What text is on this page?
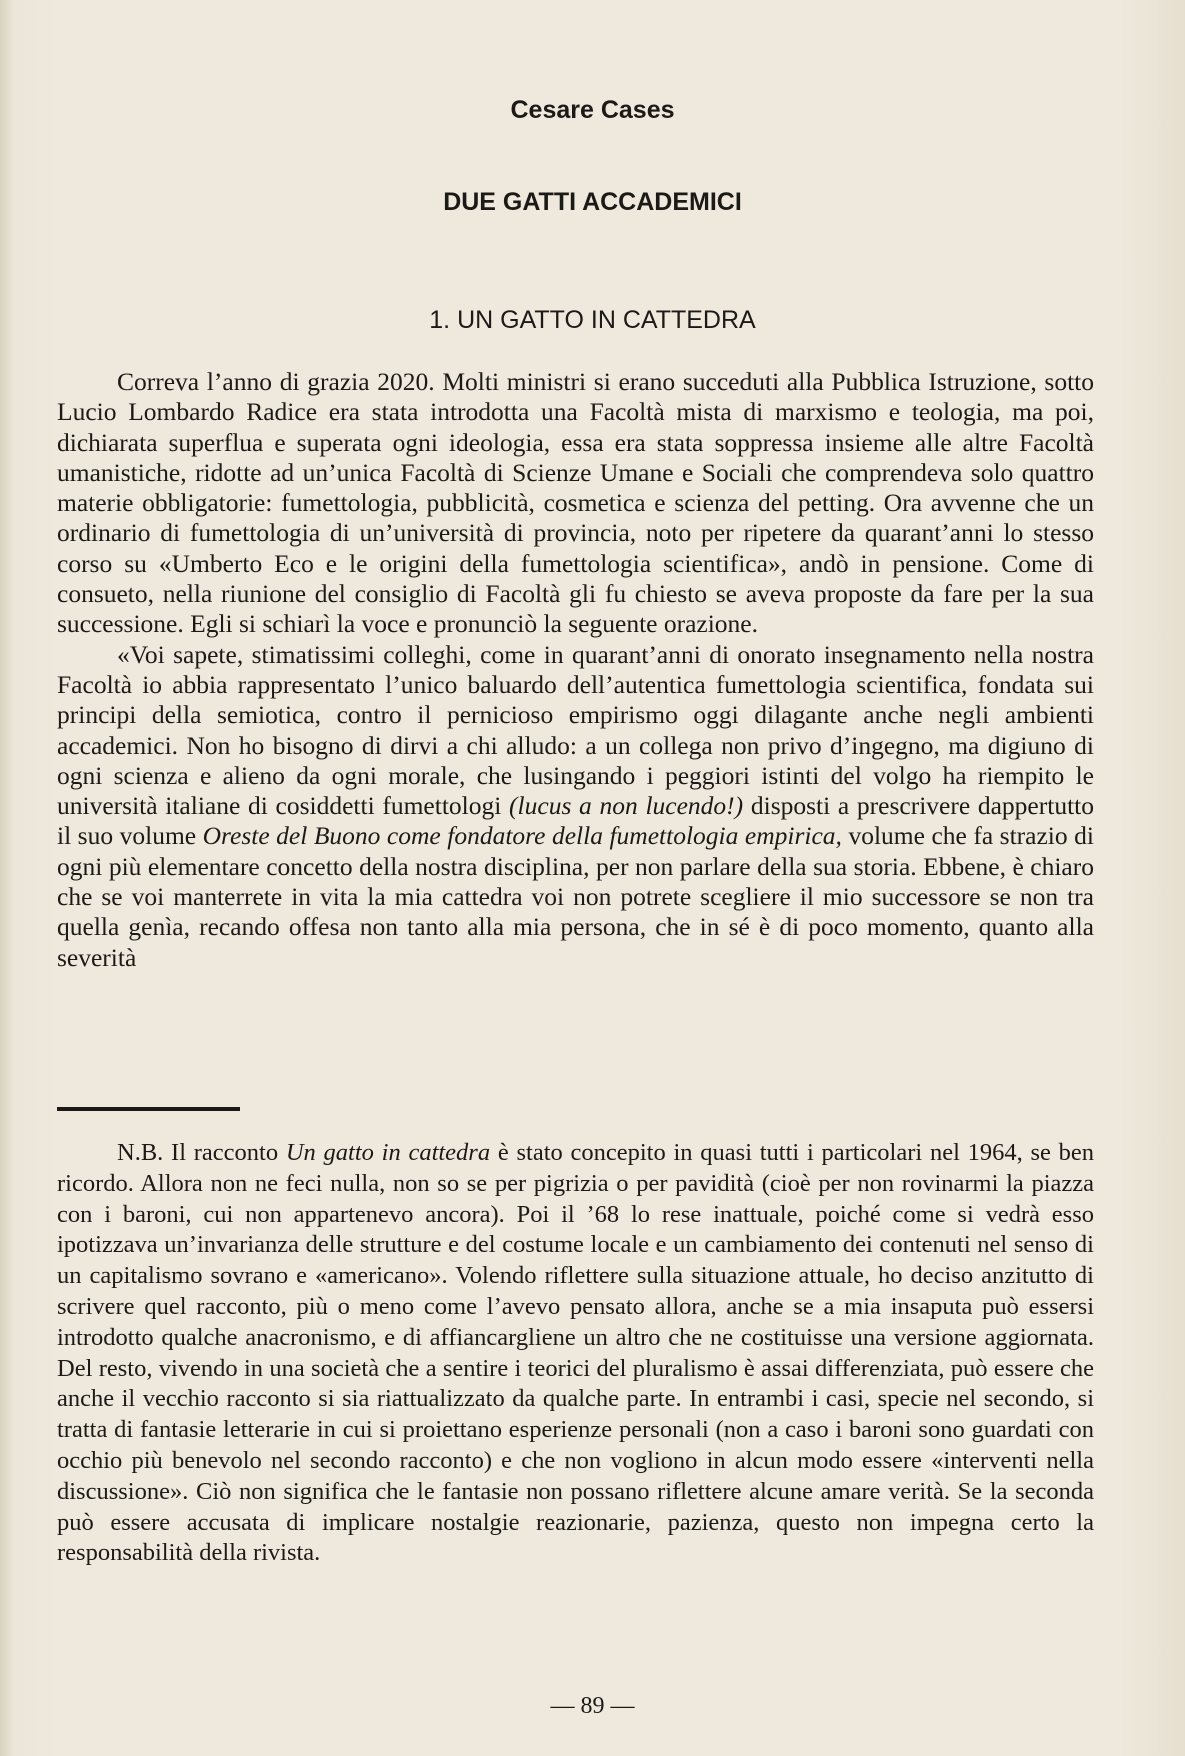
Cesare Cases
DUE GATTI ACCADEMICI
1. UN GATTO IN CATTEDRA

Correva l’anno di grazia 2020. Molti ministri si erano succeduti alla Pubblica Istruzione, sotto Lucio Lombardo Radice era stata introdotta una Facoltà mista di marxismo e teologia, ma poi, dichiarata superflua e superata ogni ideologia, essa era stata soppressa insieme alle altre Facoltà umanistiche, ridotte ad un’unica Facoltà di Scienze Umane e Sociali che comprendeva solo quattro materie obbligatorie: fumettologia, pubblicità, cosmetica e scienza del petting. Ora avvenne che un ordinario di fumettologia di un’università di provincia, noto per ripetere da quarant’anni lo stesso corso su «Umberto Eco e le origini della fumettologia scientifica», andò in pensione. Come di consueto, nella riunione del consiglio di Facoltà gli fu chiesto se aveva proposte da fare per la sua successione. Egli si schiarì la voce e pronunciò la seguente orazione.

«Voi sapete, stimatissimi colleghi, come in quarant’anni di onorato insegnamento nella nostra Facoltà io abbia rappresentato l’unico baluardo dell’autentica fumettologia scientifica, fondata sui principi della semiotica, contro il pernicioso empirismo oggi dilagante anche negli ambienti accademici. Non ho bisogno di dirvi a chi alludo: a un collega non privo d’ingegno, ma digiuno di ogni scienza e alieno da ogni morale, che lusingando i peggiori istinti del volgo ha riempito le università italiane di cosiddetti fumettologi (lucus a non lucendo!) disposti a prescrivere dappertutto il suo volume Oreste del Buono come fondatore della fumettologia empirica, volume che fa strazio di ogni più elementare concetto della nostra disciplina, per non parlare della sua storia. Ebbene, è chiaro che se voi manterrete in vita la mia cattedra voi non potrete scegliere il mio successore se non tra quella genìa, recando offesa non tanto alla mia persona, che in sé è di poco momento, quanto alla severità

N.B. Il racconto Un gatto in cattedra è stato concepito in quasi tutti i particolari nel 1964, se ben ricordo. Allora non ne feci nulla, non so se per pigrizia o per pavidità (cioè per non rovinarmi la piazza con i baroni, cui non appartenevo ancora). Poi il ’68 lo rese inattuale, poiché come si vedrà esso ipotizzava un’invarianza delle strutture e del costume locale e un cambiamento dei contenuti nel senso di un capitalismo sovrano e «americano». Volendo riflettere sulla situazione attuale, ho deciso anzitutto di scrivere quel racconto, più o meno come l’avevo pensato allora, anche se a mia insaputa può essersi introdotto qualche anacronismo, e di affiancargliene un altro che ne costituisse una versione aggiornata. Del resto, vivendo in una società che a sentire i teorici del pluralismo è assai differenziata, può essere che anche il vecchio racconto si sia riattualizzato da qualche parte. In entrambi i casi, specie nel secondo, si tratta di fantasie letterarie in cui si proiettano esperienze personali (non a caso i baroni sono guardati con occhio più benevolo nel secondo racconto) e che non vogliono in alcun modo essere «interventi nella discussione». Ciò non significa che le fantasie non possano riflettere alcune amare verità. Se la seconda può essere accusata di implicare nostalgie reazionarie, pazienza, questo non impegna certo la responsabilità della rivista.

— 89 —
